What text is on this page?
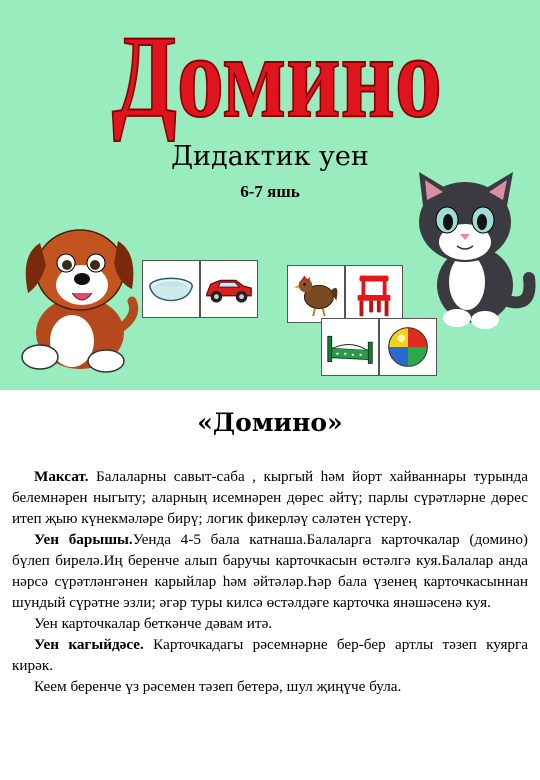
Домино
Дидактик уен
6-7 яшь
«Домино»

Максат. Балаларны савыт-саба , кыргый һәм йорт хайваннары турында белемнәрен ныгыту; аларның исемнәрен дөрес әйтү; парлы сүрәтләрне дөрес итеп җыю күнекмәләре бирү; логик фикерләү сәләтен үстерү.

Уен барышы.Уенда 4-5 бала катнаша.Балаларга карточкалар (домино) бүлеп бирелә.Иң беренче алып баручы карточкасын өстәлгә куя.Балалар анда нәрсә сүрәтләнгәнен карыйлар һәм әйтәләр.Һәр бала үзенең карточкасыннан шундый сүрәтне эзли; әгәр туры килсә өстәлдәге карточка янәшәсенә куя.

Уен карточкалар беткәнче дәвам итә.

Уен кагыйдәсе. Карточкадагы рәсемнәрне бер-бер артлы тәзеп куярга кирәк.

Кеем беренче үз рәсемен тәзеп бетерә, шул җиңүче була.
